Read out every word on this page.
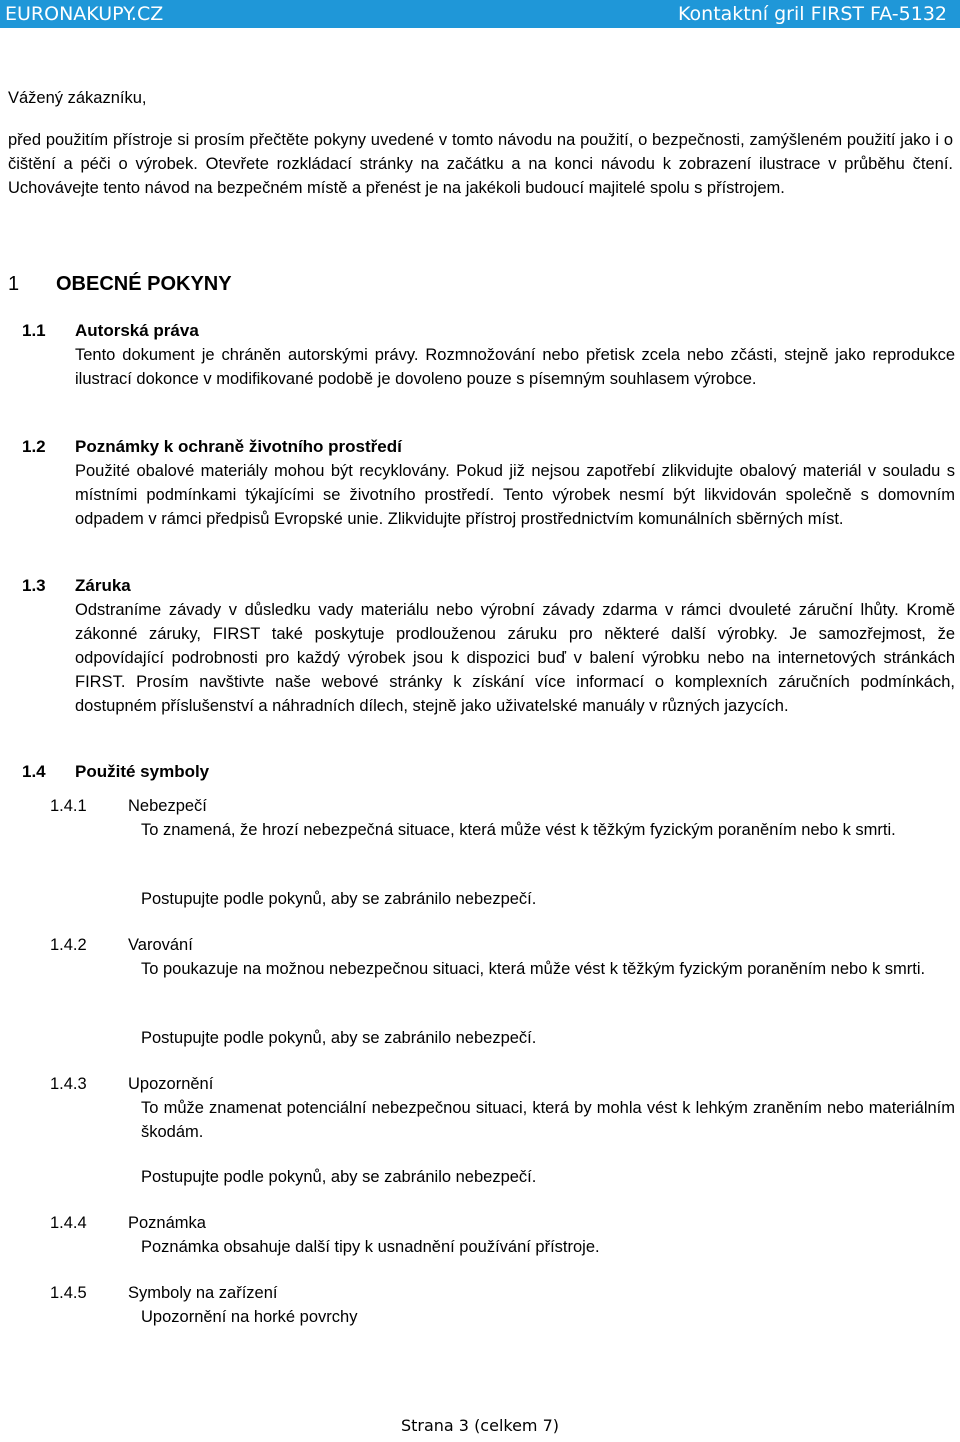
EURONAKUPY.CZ	Kontaktní gril FIRST FA-5132

Vážený zákazníku,

před použitím přístroje si prosím přečtěte pokyny uvedené v tomto návodu na použití, o bezpečnosti, zamýšleném použití jako i o čištění a péči o výrobek. Otevřete rozkládací stránky na začátku a na konci návodu k zobrazení ilustrace v průběhu čtení. Uchovávejte tento návod na bezpečném místě a přenést je na jakékoli budoucí majitelé spolu s přístrojem.

1 OBECNÉ POKYNY
1.1 Autorská práva

Tento dokument je chráněn autorskými právy. Rozmnožování nebo přetisk zcela nebo zčásti, stejně jako reprodukce ilustrací dokonce v modifikované podobě je dovoleno pouze s písemným souhlasem výrobce.

1.2 Poznámky k ochraně životního prostředí

Použité obalové materiály mohou být recyklovány. Pokud již nejsou zapotřebí zlikvidujte obalový materiál v souladu s místními podmínkami týkajícími se životního prostředí. Tento výrobek nesmí být likvidován společně s domovním odpadem v rámci předpisů Evropské unie. Zlikvidujte přístroj prostřednictvím komunálních sběrných míst.

1.3 Záruka

Odstraníme závady v důsledku vady materiálu nebo výrobní závady zdarma v rámci dvouleté záruční lhůty. Kromě zákonné záruky, FIRST také poskytuje prodlouženou záruku pro některé další výrobky. Je samozřejmost, že odpovídající podrobnosti pro každý výrobek jsou k dispozici buď v balení výrobku nebo na internetových stránkách FIRST. Prosím navštivte naše webové stránky k získání více informací o komplexních záručních podmínkách, dostupném příslušenství a náhradních dílech, stejně jako uživatelské manuály v různých jazycích.

1.4 Použité symboly
1.4.1	Nebezpečí

To znamená, že hrozí nebezpečná situace, která může vést k těžkým fyzickým poraněním nebo k smrti.

Postupujte podle pokynů, aby se zabránilo nebezpečí.

1.4.2	Varování

To poukazuje na možnou nebezpečnou situaci, která může vést k těžkým fyzickým poraněním nebo k smrti.

Postupujte podle pokynů, aby se zabránilo nebezpečí.

1.4.3	Upozornění

To může znamenat potenciální nebezpečnou situaci, která by mohla vést k lehkým zraněním nebo materiálním škodám.

Postupujte podle pokynů, aby se zabránilo nebezpečí.

1.4.4	Poznámka

Poznámka obsahuje další tipy k usnadnění používání přístroje.

1.4.5	Symboly na zařízení

Upozornění na horké povrchy

Strana 3 (celkem 7)
